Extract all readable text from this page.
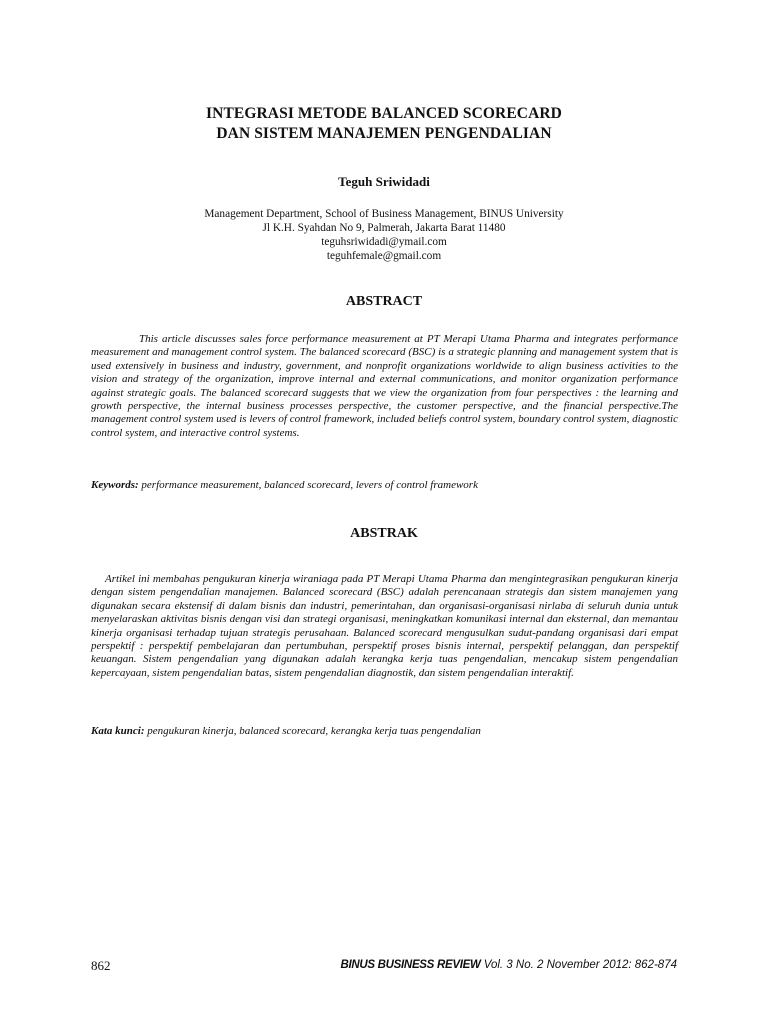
INTEGRASI METODE BALANCED SCORECARD
DAN SISTEM MANAJEMEN PENGENDALIAN
Teguh Sriwidadi
Management Department, School of Business Management, BINUS University
Jl K.H. Syahdan No 9, Palmerah, Jakarta Barat 11480
teguhsriwidadi@ymail.com
teguhfemale@gmail.com
ABSTRACT
This article discusses sales force performance measurement at PT Merapi Utama Pharma and integrates performance measurement and management control system. The balanced scorecard (BSC) is a strategic planning and management system that is used extensively in business and industry, government, and nonprofit organizations worldwide to align business activities to the vision and strategy of the organization, improve internal and external communications, and monitor organization performance against strategic goals. The balanced scorecard suggests that we view the organization from four perspectives : the learning and growth perspective, the internal business processes perspective, the customer perspective, and the financial perspective.The management control system used is levers of control framework, included beliefs control system, boundary control system, diagnostic control system, and interactive control systems.
Keywords: performance measurement, balanced scorecard, levers of control framework
ABSTRAK
Artikel ini membahas pengukuran kinerja wiraniaga pada PT Merapi Utama Pharma dan mengintegrasikan pengukuran kinerja dengan sistem pengendalian manajemen. Balanced scorecard (BSC) adalah perencanaan strategis dan sistem manajemen yang digunakan secara ekstensif di dalam bisnis dan industri, pemerintahan, dan organisasi-organisasi nirlaba di seluruh dunia untuk menyelaraskan aktivitas bisnis dengan visi dan strategi organisasi, meningkatkan komunikasi internal dan eksternal, dan memantau kinerja organisasi terhadap tujuan strategis perusahaan. Balanced scorecard mengusulkan sudut-pandang organisasi dari empat perspektif : perspektif pembelajaran dan pertumbuhan, perspektif proses bisnis internal, perspektif pelanggan, dan perspektif keuangan. Sistem pengendalian yang digunakan adalah kerangka kerja tuas pengendalian, mencakup sistem pengendalian kepercayaan, sistem pengendalian batas, sistem pengendalian diagnostik, dan sistem pengendalian interaktif.
Kata kunci: pengukuran kinerja, balanced scorecard, kerangka kerja tuas pengendalian
862	BINUS BUSINESS REVIEW Vol. 3 No. 2 November 2012: 862-874
